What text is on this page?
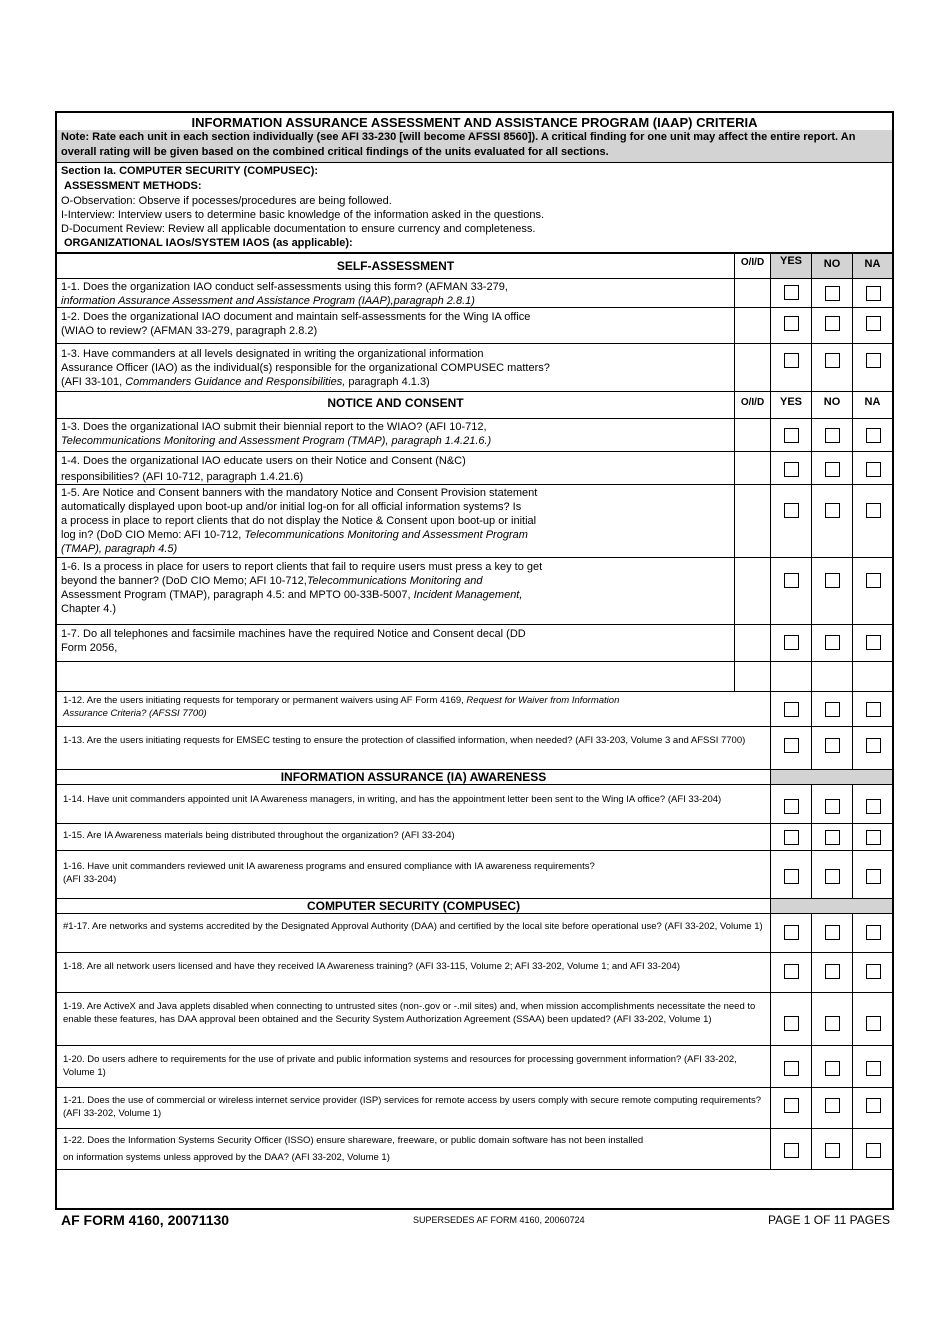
INFORMATION ASSURANCE ASSESSMENT AND ASSISTANCE PROGRAM (IAAP) CRITERIA
Note: Rate each unit in each section individually (see AFI 33-230 [will become AFSSI 8560]). A critical finding for one unit may affect the entire report. An overall rating will be given based on the combined critical findings of the units evaluated for all sections.
Section Ia. COMPUTER SECURITY (COMPUSEC):
ASSESSMENT METHODS:
O-Observation: Observe if pocesses/procedures are being followed.
I-Interview: Interview users to determine basic knowledge of the information asked in the questions.
D-Document Review: Review all applicable documentation to ensure currency and completeness.
ORGANIZATIONAL IAOs/SYSTEM IAOS (as applicable):
SELF-ASSESSMENT	O/I/D	YES	NO	NA
1-1. Does the organization IAO conduct self-assessments using this form? (AFMAN 33-279,
information Assurance Assessment and Assistance Program (IAAP),paragraph 2.8.1)
1-2. Does the organizational IAO document and maintain self-assessments for the Wing IA office
(WIAO to review? (AFMAN 33-279, paragraph 2.8.2)
1-3. Have commanders at all levels designated in writing the organizational information
Assurance Officer (IAO) as the individual(s) responsible for the organizational COMPUSEC matters?
(AFI 33-101, Commanders Guidance and Responsibilities, paragraph 4.1.3)
NOTICE AND CONSENT	O/I/D	YES	NO	NA
1-3. Does the organizational IAO submit their biennial report to the WIAO? (AFI 10-712,
Telecommunications Monitoring and Assessment Program (TMAP), paragraph 1.4.21.6.)
1-4. Does the organizational IAO educate users on their Notice and Consent (N&C)
responsibilities? (AFI 10-712, paragraph 1.4.21.6)
1-5. Are Notice and Consent banners with the mandatory Notice and Consent Provision statement
automatically displayed upon boot-up and/or initial log-on for all official information systems? Is
a process in place to report clients that do not display the Notice & Consent upon boot-up or initial
log in? (DoD CIO Memo: AFI 10-712, Telecommunications Monitoring and Assessment Program
(TMAP), paragraph 4.5)
1-6. Is a process in place for users to report clients that fail to require users must press a key to get
beyond the banner? (DoD CIO Memo; AFI 10-712,Telecommunications Monitoring and
Assessment Program (TMAP), paragraph 4.5: and MPTO 00-33B-5007, Incident Management,
Chapter 4.)
1-7. Do all telephones and facsimile machines have the required Notice and Consent decal (DD
Form 2056,
1-12. Are the users initiating requests for temporary or permanent waivers using AF Form 4169, Request for Waiver from Information
Assurance Criteria? (AFSSI 7700)
1-13. Are the users initiating requests for EMSEC testing to ensure the protection of classified information, when needed? (AFI 33-203, Volume 3 and AFSSI 7700)
INFORMATION ASSURANCE (IA) AWARENESS
1-14. Have unit commanders appointed unit IA Awareness managers, in writing, and has the appointment letter been sent to the Wing IA office? (AFI 33-204)
1-15. Are IA Awareness materials being distributed throughout the organization? (AFI 33-204)
1-16. Have unit commanders reviewed unit IA awareness programs and ensured compliance with IA awareness requirements?
(AFI 33-204)
COMPUTER SECURITY (COMPUSEC)
#1-17. Are networks and systems accredited by the Designated Approval Authority (DAA) and certified by the local site before operational use? (AFI 33-202, Volume 1)
1-18. Are all network users licensed and have they received IA Awareness training? (AFI 33-115, Volume 2; AFI 33-202, Volume 1; and AFI 33-204)
1-19. Are ActiveX and Java applets disabled when connecting to untrusted sites (non-.gov or -.mil sites) and, when mission accomplishments necessitate the need to enable these features, has DAA approval been obtained and the Security System Authorization Agreement (SSAA) been updated? (AFI 33-202, Volume 1)
1-20. Do users adhere to requirements for the use of private and public information systems and resources for processing government information? (AFI 33-202, Volume 1)
1-21. Does the use of commercial or wireless internet service provider (ISP) services for remote access by users comply with secure remote computing requirements? (AFI 33-202, Volume 1)
1-22. Does the Information Systems Security Officer (ISSO) ensure shareware, freeware, or public domain software has not been installed
on information systems unless approved by the DAA? (AFI 33-202, Volume 1)
AF FORM 4160, 20071130	SUPERSEDES AF FORM 4160, 20060724	PAGE 1 OF 11 PAGES
